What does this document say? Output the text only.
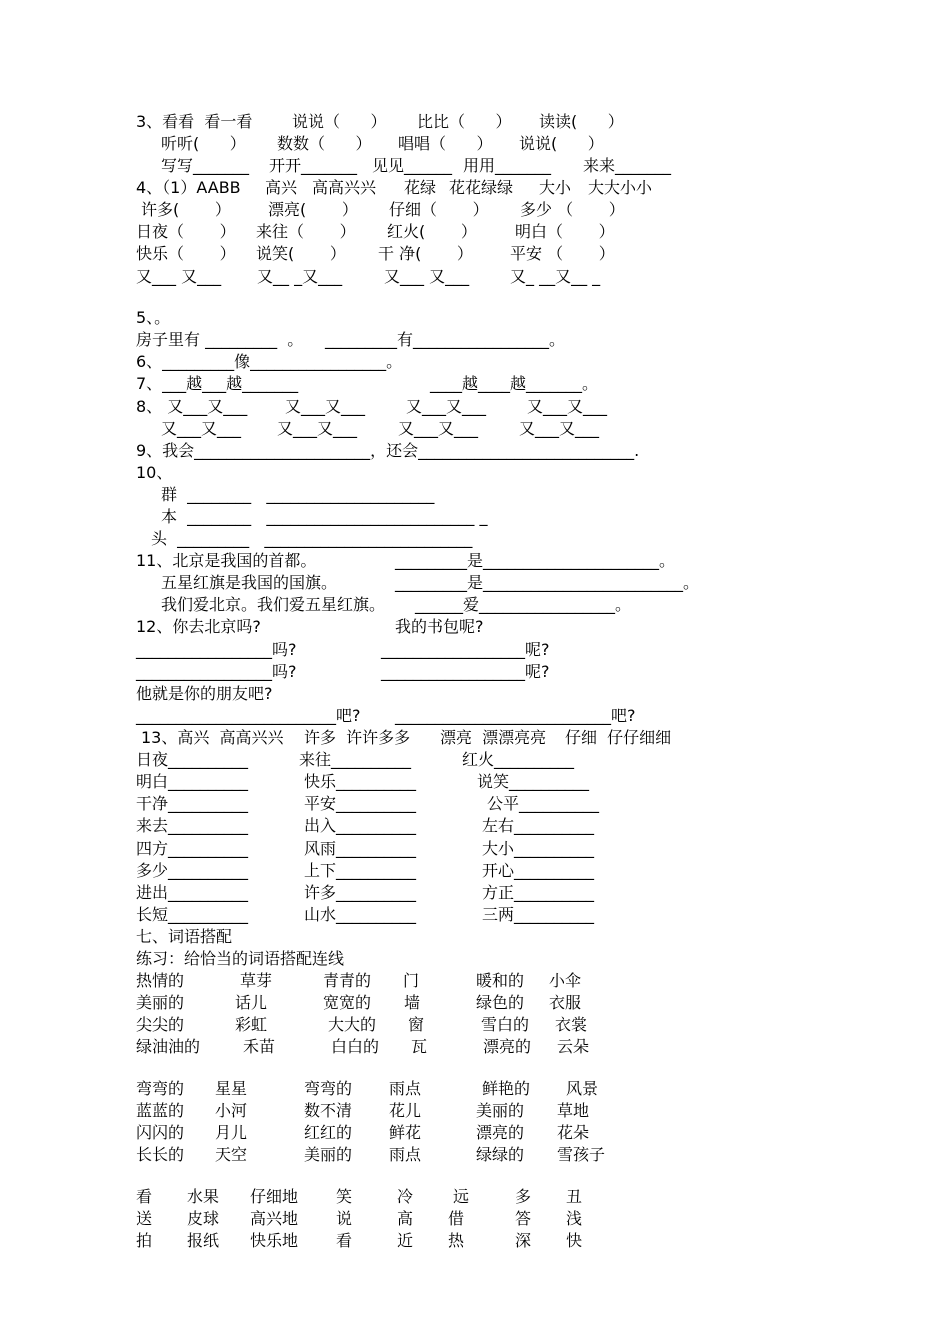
3、看看  看一看 说说（      ） 比比（      ） 读读(      ）
听听(      ） 数数（      ） 唱唱（      ） 说说(      ）
写写_______ 开开_______ 见见______ 用用_______ 来来_______
4、（1）AABB 高兴 高高兴兴 花绿 花花绿绿 大小 大大小小
许多(       ） 漂亮(       ） 仔细（       ） 多少 （       ）
日夜（       ） 来往（       ） 红火(       ） 明白（       ）
快乐（       ） 说笑(       ） 干 净(       ） 平安 （       ）
又___ 又___ 又__ _又___	又___ 又___	又_ __又__ _
5、。
房子里有 _________  。 _________有_________________。
6、_________像_________________。
7、___越___越_______	____越____越_______。
8、 又___又___ 又___又___	又___又___	又___又___
又___又___ 又___又___	又___又___	又___又___
9、我会______________________，还会___________________________.
10、
群  ________   _____________________
本  ________   __________________________ _
头  _________   __________________________
11、北京是我国的首都。	_________是______________________。
五星红旗是我国的国旗。	_________是_________________________。
我们爱北京。我们爱五星红旗。 ______爱_________________。
12、你去北京吗?	我的书包呢?
_________________吗?	__________________呢?
_________________吗?	__________________呢?
他就是你的朋友吧?
_________________________吧? ___________________________吧?
13、高兴  高高兴兴 许多  许许多多 漂亮  漂漂亮亮 仔细  仔仔细细
日夜__________	来往__________	红火__________
明白__________	快乐__________	说笑__________
干净__________	平安__________	公平__________
来去__________	出入__________	左右__________
四方__________	风雨__________	大小__________
多少__________	上下__________	开心__________
进出__________	许多__________	方正__________
长短__________	山水__________	三两__________
七、词语搭配
练习：给恰当的词语搭配连线
热情的	草芽	青青的 门	暖和的 小伞
美丽的	话儿	宽宽的 墙	绿色的 衣服
尖尖的	彩虹	大大的 窗	雪白的 衣裳
绿油油的	禾苗	白白的 瓦	漂亮的 云朵
弯弯的 星星	弯弯的 雨点	鲜艳的 风景
蓝蓝的 小河	数不清 花儿	美丽的 草地
闪闪的 月儿	红红的 鲜花	漂亮的 花朵
长长的 天空	美丽的 雨点	绿绿的 雪孩子
看 水果 仔细地 笑	冷 远	多 丑
送 皮球 高兴地 说	高 借	答 浅
拍 报纸 快乐地 看	近 热	深 快
